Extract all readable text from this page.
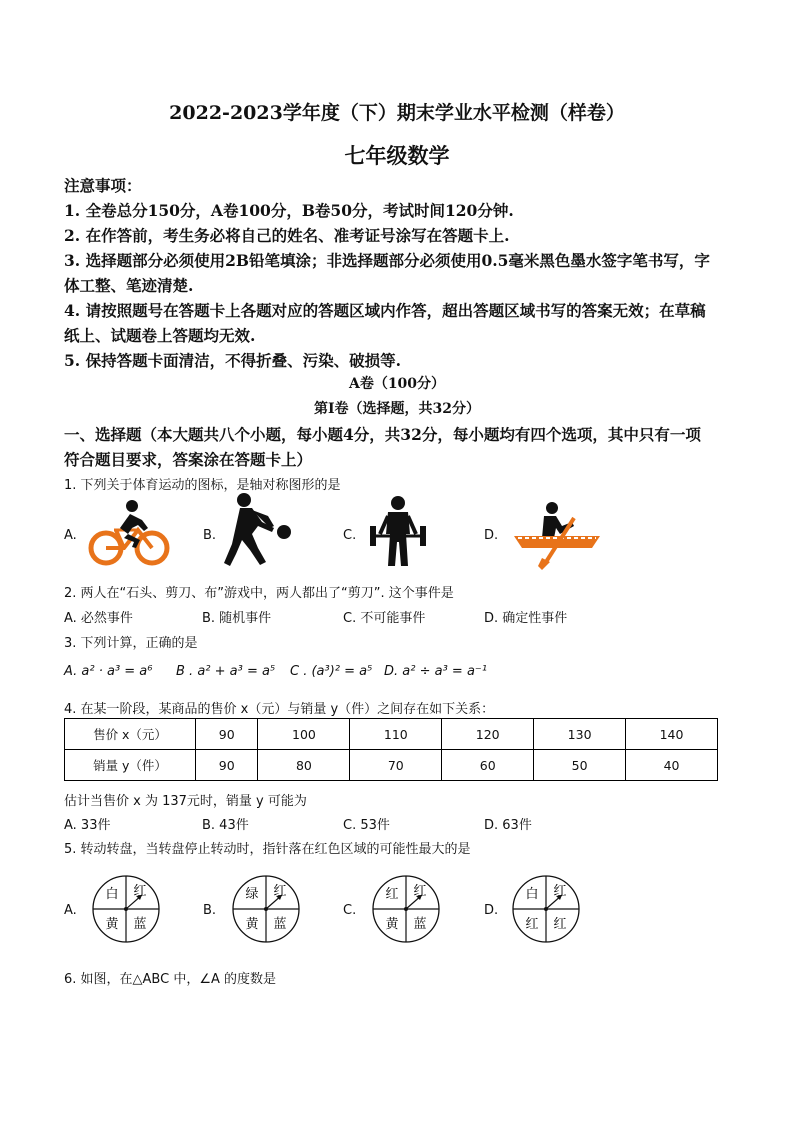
2022-2023学年度（下）期末学业水平检测（样卷）
七年级数学
注意事项：
1. 全卷总分150分，A卷100分，B卷50分，考试时间120分钟.
2. 在作答前，考生务必将自己的姓名、准考证号涂写在答题卡上.
3. 选择题部分必须使用2B铅笔填涂；非选择题部分必须使用0.5毫米黑色墨水签字笔书写，字
体工整、笔迹清楚.
4. 请按照题号在答题卡上各题对应的答题区域内作答，超出答题区域书写的答案无效；在草稿
纸上、试题卷上答题均无效.
5. 保持答题卡面清洁，不得折叠、污染、破损等.
A卷（100分）
第Ⅰ卷（选择题，共32分）
一、选择题（本大题共八个小题，每小题4分，共32分，每小题均有四个选项，其中只有一项
符合题目要求，答案涂在答题卡上）
1. 下列关于体育运动的图标，是轴对称图形的是
A.	B.	C.	D.
2. 两人在“石头、剪刀、布”游戏中，两人都出了“剪刀”. 这个事件是
A. 必然事件	B. 随机事件	C. 不可能事件	D. 确定性事件
3. 下列计算，正确的是
A. a² · a³ = a⁶ B . a² + a³ = a⁵ C . (a³)² = a⁵ D. a² ÷ a³ = a⁻¹
4. 在某一阶段，某商品的售价 x（元）与销量 y（件）之间存在如下关系：
售价 x（元）	90	100	110	120	130	140
销量 y（件）	90	80	70	60	50	40
估计当售价 x 为 137元时，销量 y 可能为
A. 33件	B. 43件	C. 53件	D. 63件
5. 转动转盘，当转盘停止转动时，指针落在红色区域的可能性最大的是
A.	B.	C.	D.
白 红
黄 蓝
绿 红
黄 蓝
红 红
黄 蓝
白 红
红 红
6. 如图，在△ABC 中，∠A 的度数是
